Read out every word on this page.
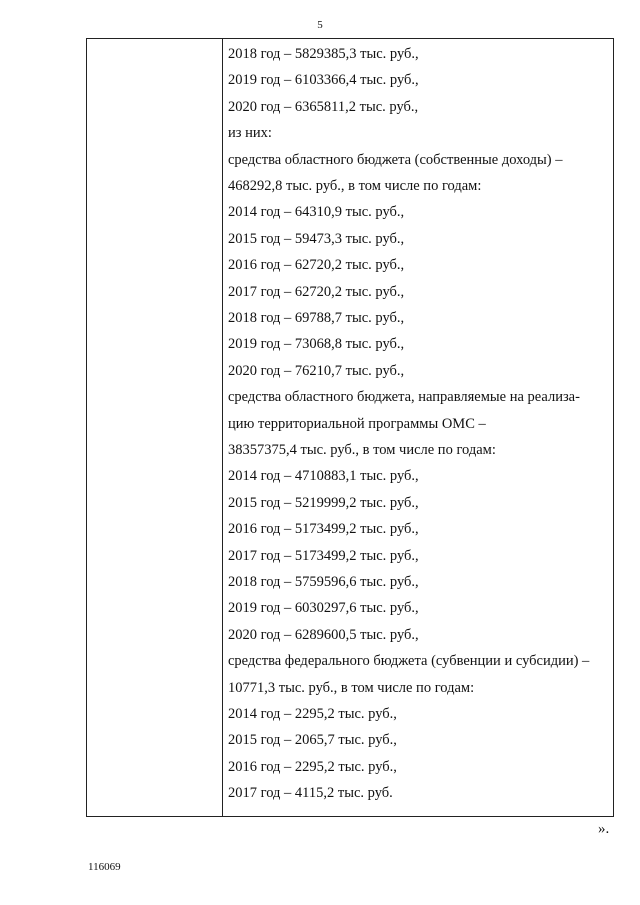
5
2018 год – 5829385,3 тыс. руб.,
2019 год – 6103366,4 тыс. руб.,
2020 год – 6365811,2 тыс. руб.,
из них:
средства областного бюджета (собственные доходы) –
468292,8 тыс. руб., в том числе по годам:
2014 год – 64310,9 тыс. руб.,
2015 год – 59473,3 тыс. руб.,
2016 год – 62720,2 тыс. руб.,
2017 год – 62720,2 тыс. руб.,
2018 год – 69788,7 тыс. руб.,
2019 год – 73068,8 тыс. руб.,
2020 год – 76210,7 тыс. руб.,
средства областного бюджета, направляемые на реализа-
цию территориальной программы ОМС –
38357375,4 тыс. руб., в том числе по годам:
2014 год – 4710883,1 тыс. руб.,
2015 год – 5219999,2 тыс. руб.,
2016 год – 5173499,2 тыс. руб.,
2017 год – 5173499,2 тыс. руб.,
2018 год – 5759596,6 тыс. руб.,
2019 год – 6030297,6 тыс. руб.,
2020 год – 6289600,5 тыс. руб.,
средства федерального бюджета (субвенции и субсидии) –
10771,3 тыс. руб., в том числе по годам:
2014 год – 2295,2 тыс. руб.,
2015 год – 2065,7 тыс. руб.,
2016 год – 2295,2 тыс. руб.,
2017 год – 4115,2 тыс. руб.
».
116069
